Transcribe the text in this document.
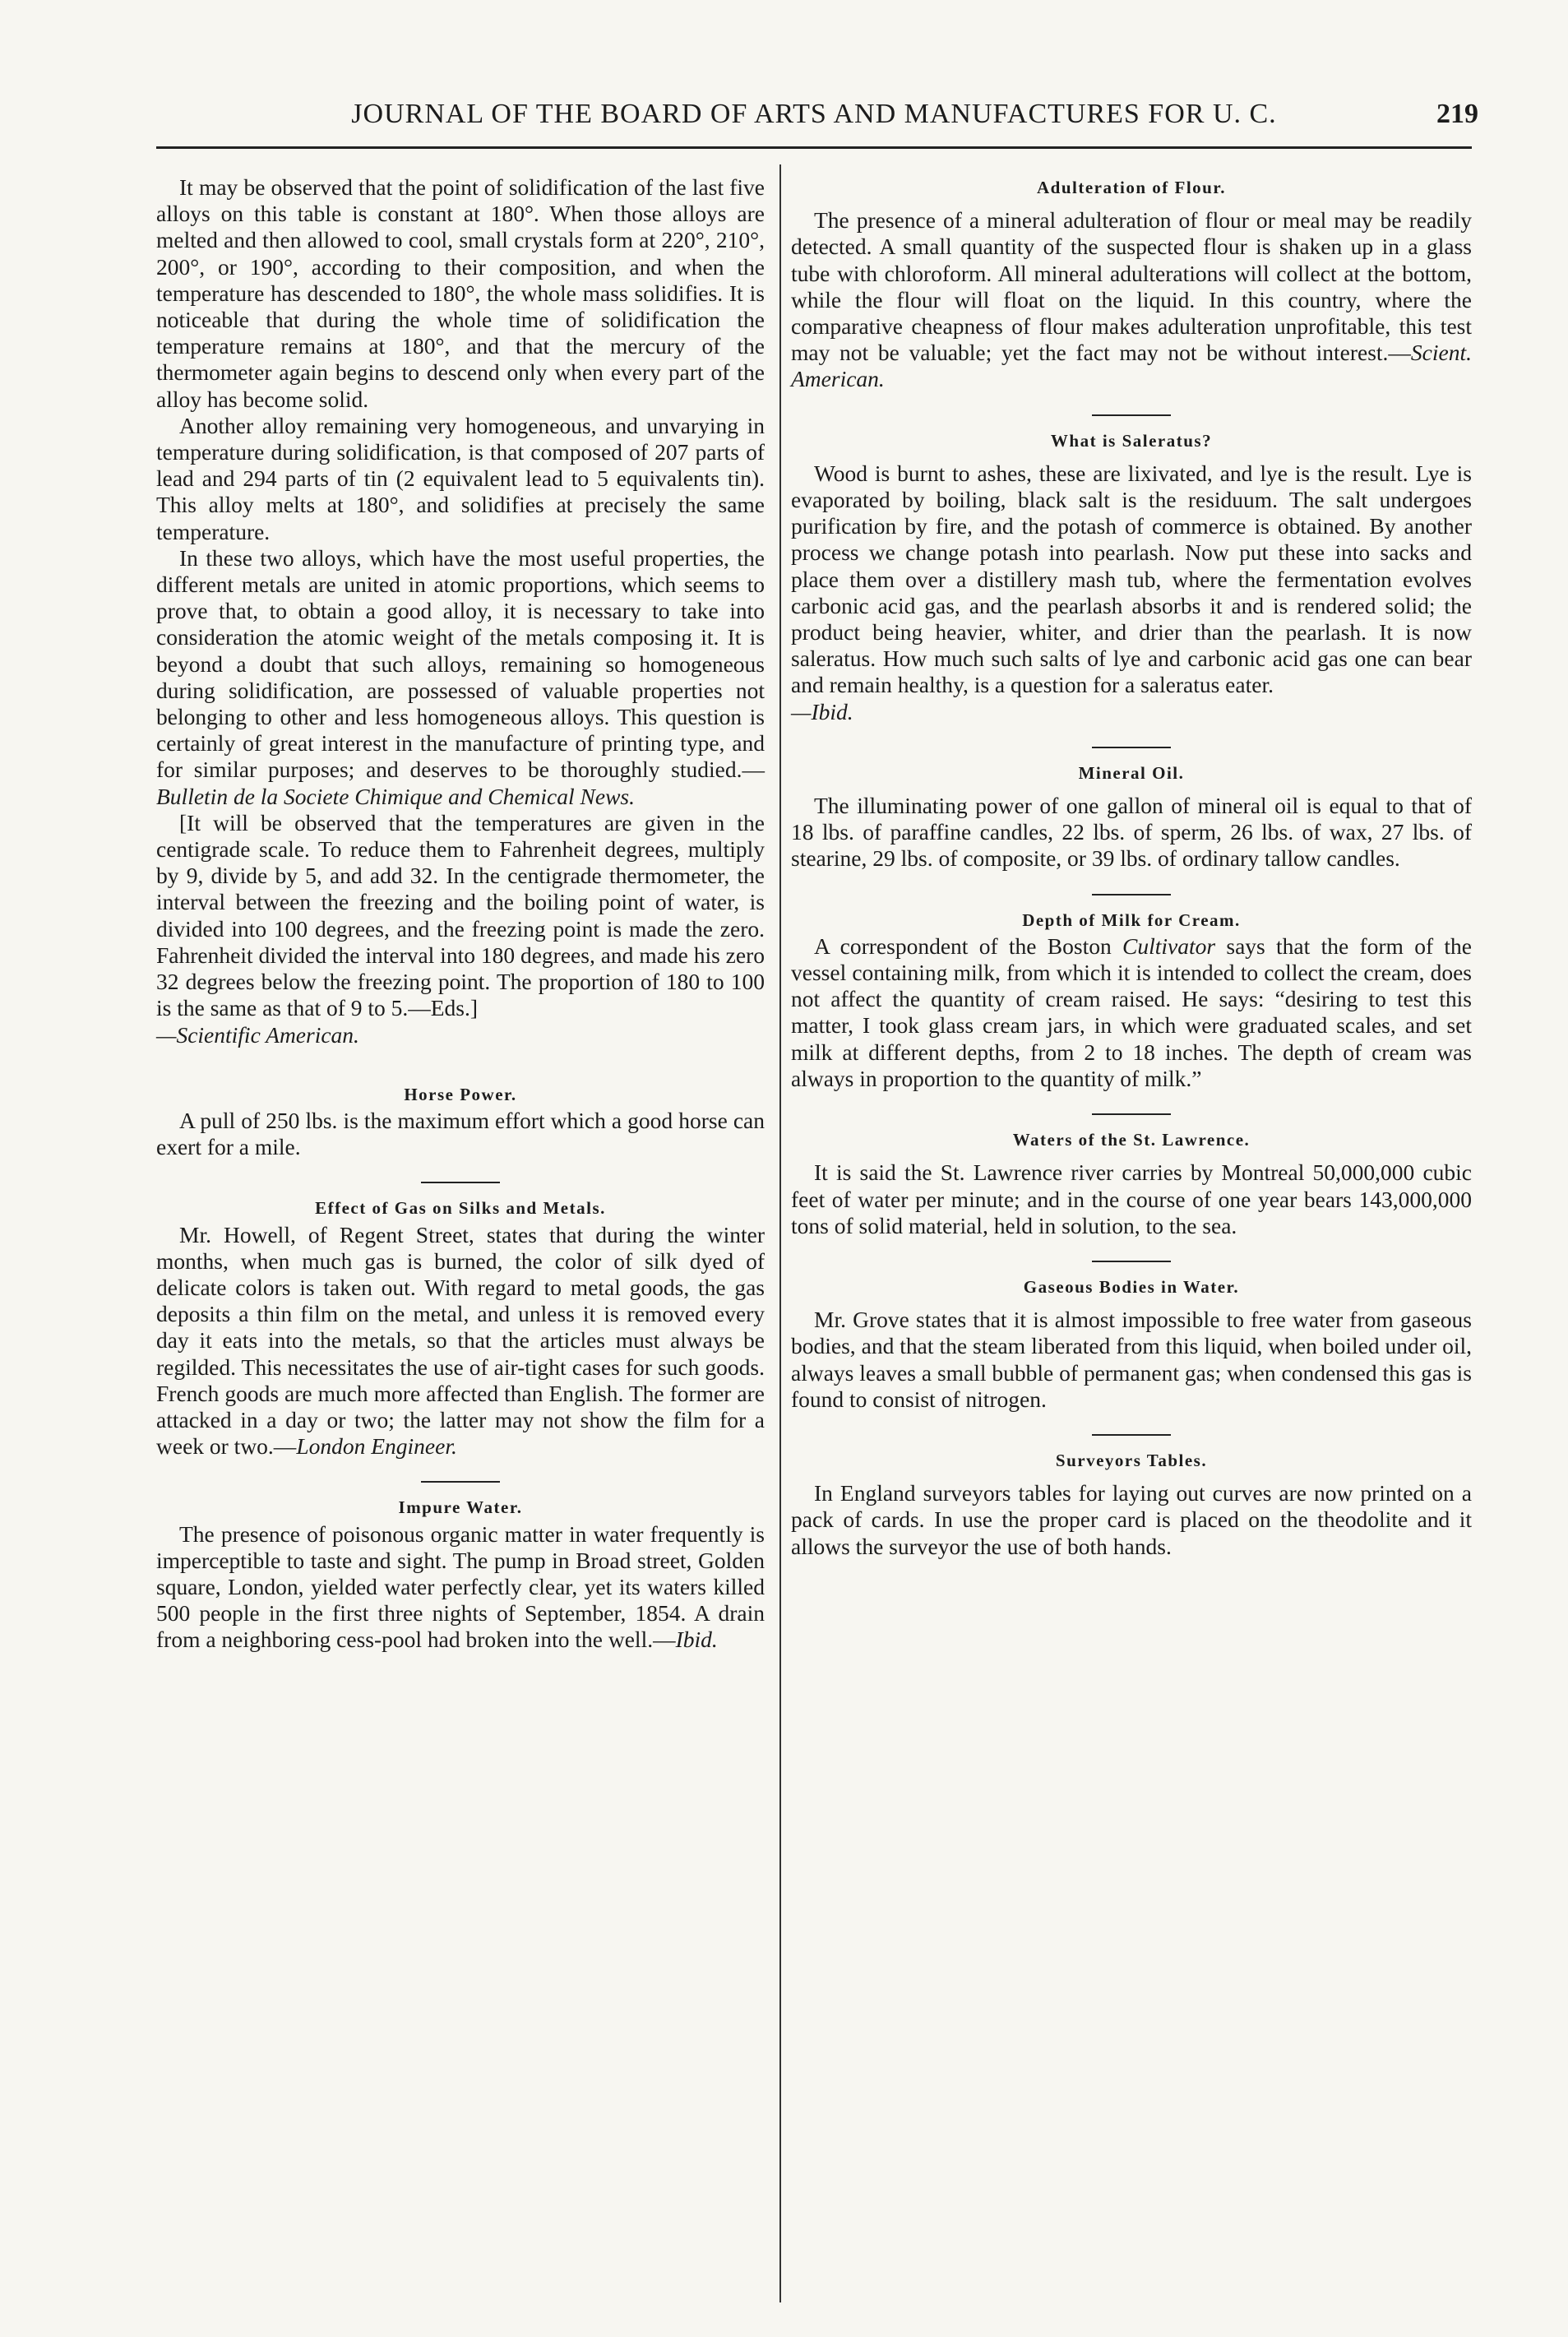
JOURNAL OF THE BOARD OF ARTS AND MANUFACTURES FOR U. C.	219

It may be observed that the point of solidification of the last five alloys on this table is constant at 180°. When those alloys are melted and then allowed to cool, small crystals form at 220°, 210°, 200°, or 190°, according to their composition, and when the temperature has descended to 180°, the whole mass solidifies. It is noticeable that during the whole time of solidification the temperature remains at 180°, and that the mercury of the thermometer again begins to descend only when every part of the alloy has become solid.

Another alloy remaining very homogeneous, and unvarying in temperature during solidification, is that composed of 207 parts of lead and 294 parts of tin (2 equivalent lead to 5 equivalents tin). This alloy melts at 180°, and solidifies at precisely the same temperature.

In these two alloys, which have the most useful properties, the different metals are united in atomic proportions, which seems to prove that, to obtain a good alloy, it is necessary to take into consideration the atomic weight of the metals composing it. It is beyond a doubt that such alloys, remaining so homogeneous during solidification, are possessed of valuable properties not belonging to other and less homogeneous alloys. This question is certainly of great interest in the manufacture of printing type, and for similar purposes; and deserves to be thoroughly studied.—Bulletin de la Societe Chimique and Chemical News.

[It will be observed that the temperatures are given in the centigrade scale. To reduce them to Fahrenheit degrees, multiply by 9, divide by 5, and add 32. In the centigrade thermometer, the interval between the freezing and the boiling point of water, is divided into 100 degrees, and the freezing point is made the zero. Fahrenheit divided the interval into 180 degrees, and made his zero 32 degrees below the freezing point. The proportion of 180 to 100 is the same as that of 9 to 5.—Eds.]

—Scientific American.

Horse Power.

A pull of 250 lbs. is the maximum effort which a good horse can exert for a mile.

Effect of Gas on Silks and Metals.

Mr. Howell, of Regent Street, states that during the winter months, when much gas is burned, the color of silk dyed of delicate colors is taken out. With regard to metal goods, the gas deposits a thin film on the metal, and unless it is removed every day it eats into the metals, so that the articles must always be regilded. This necessitates the use of air-tight cases for such goods. French goods are much more affected than English. The former are attacked in a day or two; the latter may not show the film for a week or two.—London Engineer.

Impure Water.

The presence of poisonous organic matter in water frequently is imperceptible to taste and sight. The pump in Broad street, Golden square, London, yielded water perfectly clear, yet its waters killed 500 people in the first three nights of September, 1854. A drain from a neighboring cess-pool had broken into the well.—Ibid.

Adulteration of Flour.

The presence of a mineral adulteration of flour or meal may be readily detected. A small quantity of the suspected flour is shaken up in a glass tube with chloroform. All mineral adulterations will collect at the bottom, while the flour will float on the liquid. In this country, where the comparative cheapness of flour makes adulteration unprofitable, this test may not be valuable; yet the fact may not be without interest.—Scient. American.

What is Saleratus?

Wood is burnt to ashes, these are lixivated, and lye is the result. Lye is evaporated by boiling, black salt is the residuum. The salt undergoes purification by fire, and the potash of commerce is obtained. By another process we change potash into pearlash. Now put these into sacks and place them over a distillery mash tub, where the fermentation evolves carbonic acid gas, and the pearlash absorbs it and is rendered solid; the product being heavier, whiter, and drier than the pearlash. It is now saleratus. How much such salts of lye and carbonic acid gas one can bear and remain healthy, is a question for a saleratus eater.

—Ibid.

Mineral Oil.

The illuminating power of one gallon of mineral oil is equal to that of 18 lbs. of paraffine candles, 22 lbs. of sperm, 26 lbs. of wax, 27 lbs. of stearine, 29 lbs. of composite, or 39 lbs. of ordinary tallow candles.

Depth of Milk for Cream.

A correspondent of the Boston Cultivator says that the form of the vessel containing milk, from which it is intended to collect the cream, does not affect the quantity of cream raised. He says: “desiring to test this matter, I took glass cream jars, in which were graduated scales, and set milk at different depths, from 2 to 18 inches. The depth of cream was always in proportion to the quantity of milk.”

Waters of the St. Lawrence.

It is said the St. Lawrence river carries by Montreal 50,000,000 cubic feet of water per minute; and in the course of one year bears 143,000,000 tons of solid material, held in solution, to the sea.

Gaseous Bodies in Water.

Mr. Grove states that it is almost impossible to free water from gaseous bodies, and that the steam liberated from this liquid, when boiled under oil, always leaves a small bubble of permanent gas; when condensed this gas is found to consist of nitrogen.

Surveyors Tables.

In England surveyors tables for laying out curves are now printed on a pack of cards. In use the proper card is placed on the theodolite and it allows the surveyor the use of both hands.
